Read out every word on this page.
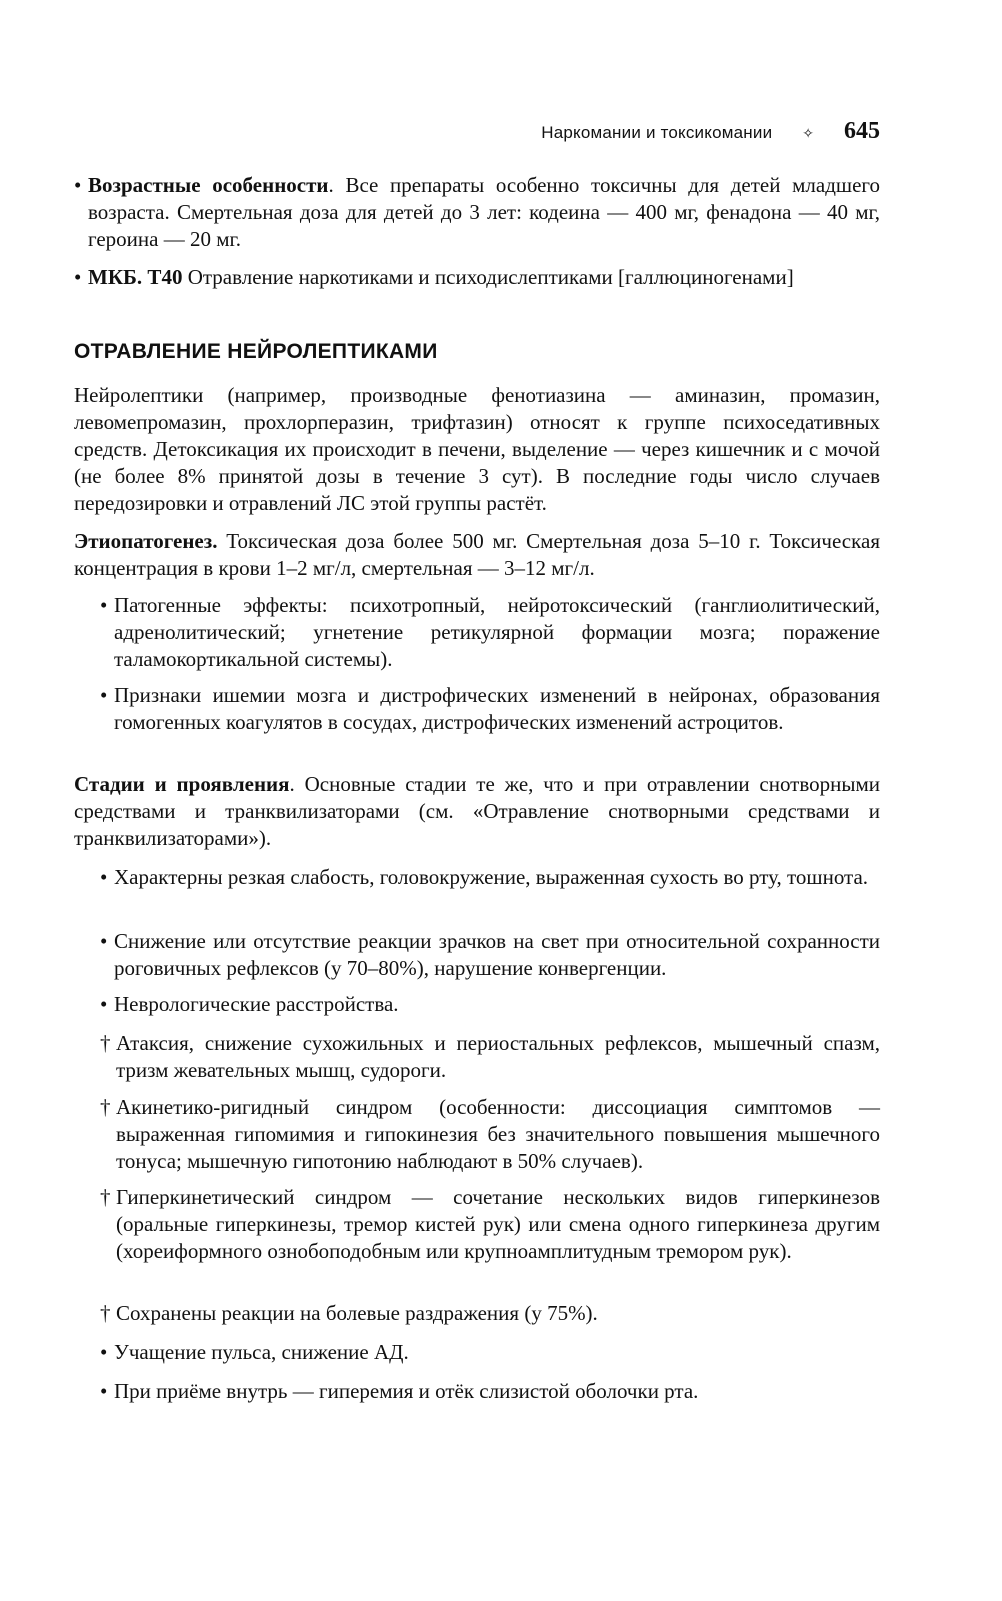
Наркомании и токсикомании ✧ 645

• Возрастные особенности. Все препараты особенно токсичны для детей младшего возраста. Смертельная доза для детей до 3 лет: кодеина — 400 мг, фенадона — 40 мг, героина — 20 мг.

• МКБ. Т40 Отравление наркотиками и психодислептиками [галлюциногенами]

ОТРАВЛЕНИЕ НЕЙРОЛЕПТИКАМИ

Нейролептики (например, производные фенотиазина — аминазин, промазин, левомепромазин, прохлорперазин, трифтазин) относят к группе психоседативных средств. Детоксикация их происходит в печени, выделение — через кишечник и с мочой (не более 8% принятой дозы в течение 3 сут). В последние годы число случаев передозировки и отравлений ЛС этой группы растёт.

Этиопатогенез. Токсическая доза более 500 мг. Смертельная доза 5–10 г. Токсическая концентрация в крови 1–2 мг/л, смертельная — 3–12 мг/л.

• Патогенные эффекты: психотропный, нейротоксический (ганглиолитический, адренолитический; угнетение ретикулярной формации мозга; поражение таламокортикальной системы).

• Признаки ишемии мозга и дистрофических изменений в нейронах, образования гомогенных коагулятов в сосудах, дистрофических изменений астроцитов.

Стадии и проявления. Основные стадии те же, что и при отравлении снотворными средствами и транквилизаторами (см. «Отравление снотворными средствами и транквилизаторами»).

• Характерны резкая слабость, головокружение, выраженная сухость во рту, тошнота.

• Снижение или отсутствие реакции зрачков на свет при относительной сохранности роговичных рефлексов (у 70–80%), нарушение конвергенции.

• Неврологические расстройства.

† Атаксия, снижение сухожильных и периостальных рефлексов, мышечный спазм, тризм жевательных мышц, судороги.

† Акинетико-ригидный синдром (особенности: диссоциация симптомов — выраженная гипомимия и гипокинезия без значительного повышения мышечного тонуса; мышечную гипотонию наблюдают в 50% случаев).

† Гиперкинетический синдром — сочетание нескольких видов гиперкинезов (оральные гиперкинезы, тремор кистей рук) или смена одного гиперкинеза другим (хореиформного ознобоподобным или крупноамплитудным тремором рук).

† Сохранены реакции на болевые раздражения (у 75%).

• Учащение пульса, снижение АД.

• При приёме внутрь — гиперемия и отёк слизистой оболочки рта.
